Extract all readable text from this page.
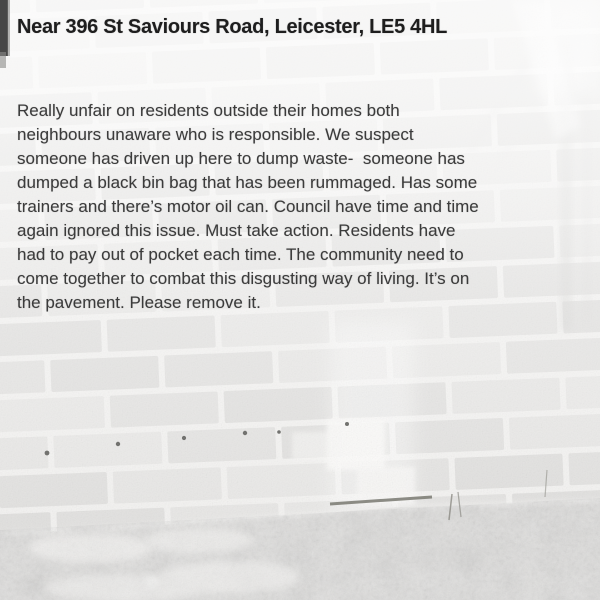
Near 396 St Saviours Road, Leicester, LE5 4HL
Really unfair on residents outside their homes both
neighbours unaware who is responsible. We suspect
someone has driven up here to dump waste-  someone has
dumped a black bin bag that has been rummaged. Has some
trainers and there’s motor oil can. Council have time and time
again ignored this issue. Must take action. Residents have
had to pay out of pocket each time. The community need to
come together to combat this disgusting way of living. It’s on
the pavement. Please remove it.
